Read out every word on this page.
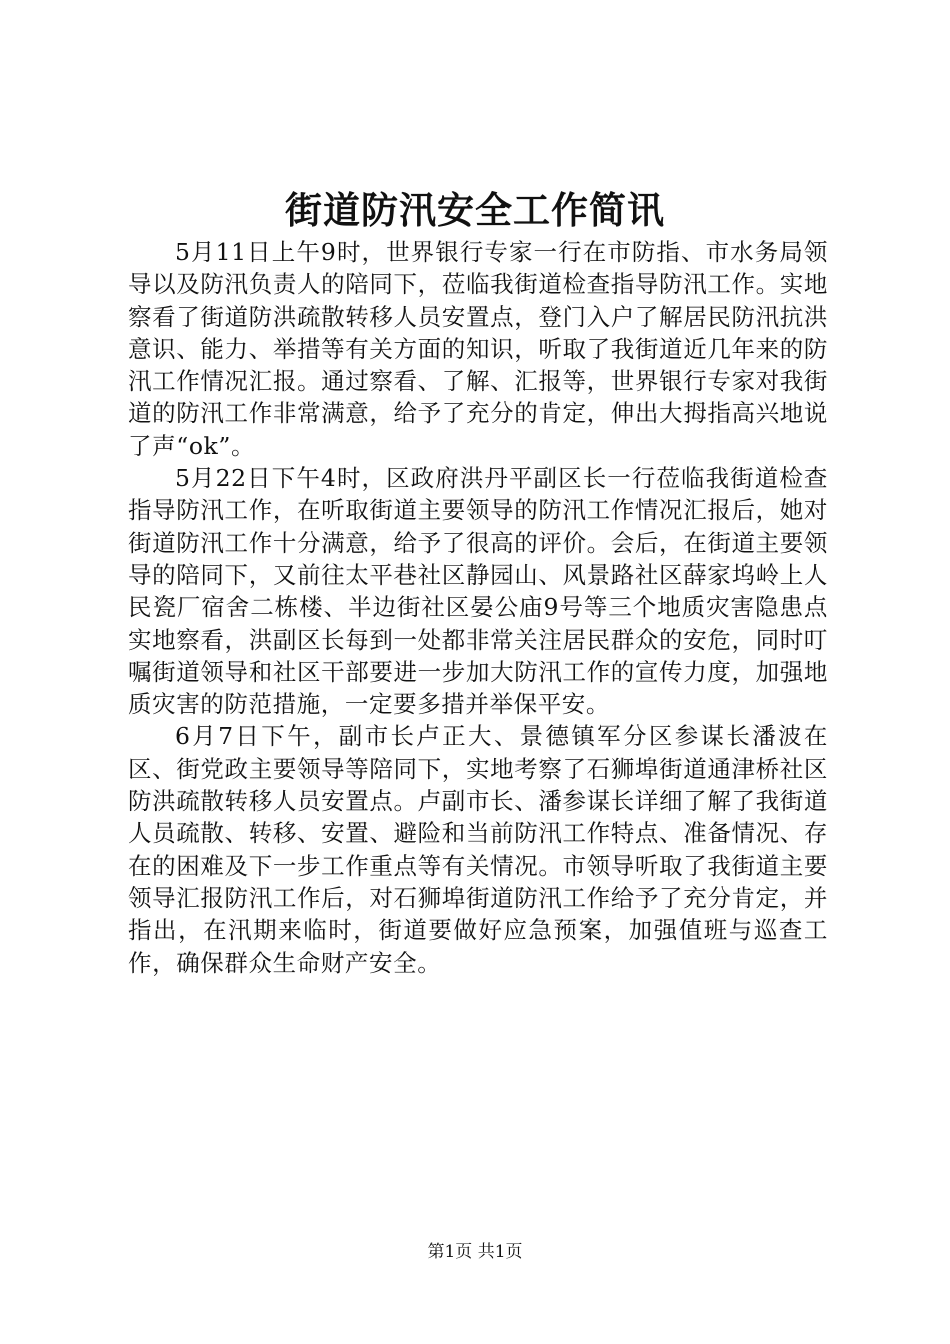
街道防汛安全工作简讯

5月11日上午9时，世界银行专家一行在市防指、市水务局领导以及防汛负责人的陪同下，莅临我街道检查指导防汛工作。实地察看了街道防洪疏散转移人员安置点，登门入户了解居民防汛抗洪意识、能力、举措等有关方面的知识，听取了我街道近几年来的防汛工作情况汇报。通过察看、了解、汇报等，世界银行专家对我街道的防汛工作非常满意，给予了充分的肯定，伸出大拇指高兴地说了声“ok”。

5月22日下午4时，区政府洪丹平副区长一行莅临我街道检查指导防汛工作，在听取街道主要领导的防汛工作情况汇报后，她对街道防汛工作十分满意，给予了很高的评价。会后，在街道主要领导的陪同下，又前往太平巷社区静园山、风景路社区薛家坞岭上人民瓷厂宿舍二栋楼、半边街社区晏公庙9号等三个地质灾害隐患点实地察看，洪副区长每到一处都非常关注居民群众的安危，同时叮嘱街道领导和社区干部要进一步加大防汛工作的宣传力度，加强地质灾害的防范措施，一定要多措并举保平安。

6月7日下午，副市长卢正大、景德镇军分区参谋长潘波在区、街党政主要领导等陪同下，实地考察了石狮埠街道通津桥社区防洪疏散转移人员安置点。卢副市长、潘参谋长详细了解了我街道人员疏散、转移、安置、避险和当前防汛工作特点、准备情况、存在的困难及下一步工作重点等有关情况。市领导听取了我街道主要领导汇报防汛工作后，对石狮埠街道防汛工作给予了充分肯定，并指出，在汛期来临时，街道要做好应急预案，加强值班与巡查工作，确保群众生命财产安全。

第1页 共1页
